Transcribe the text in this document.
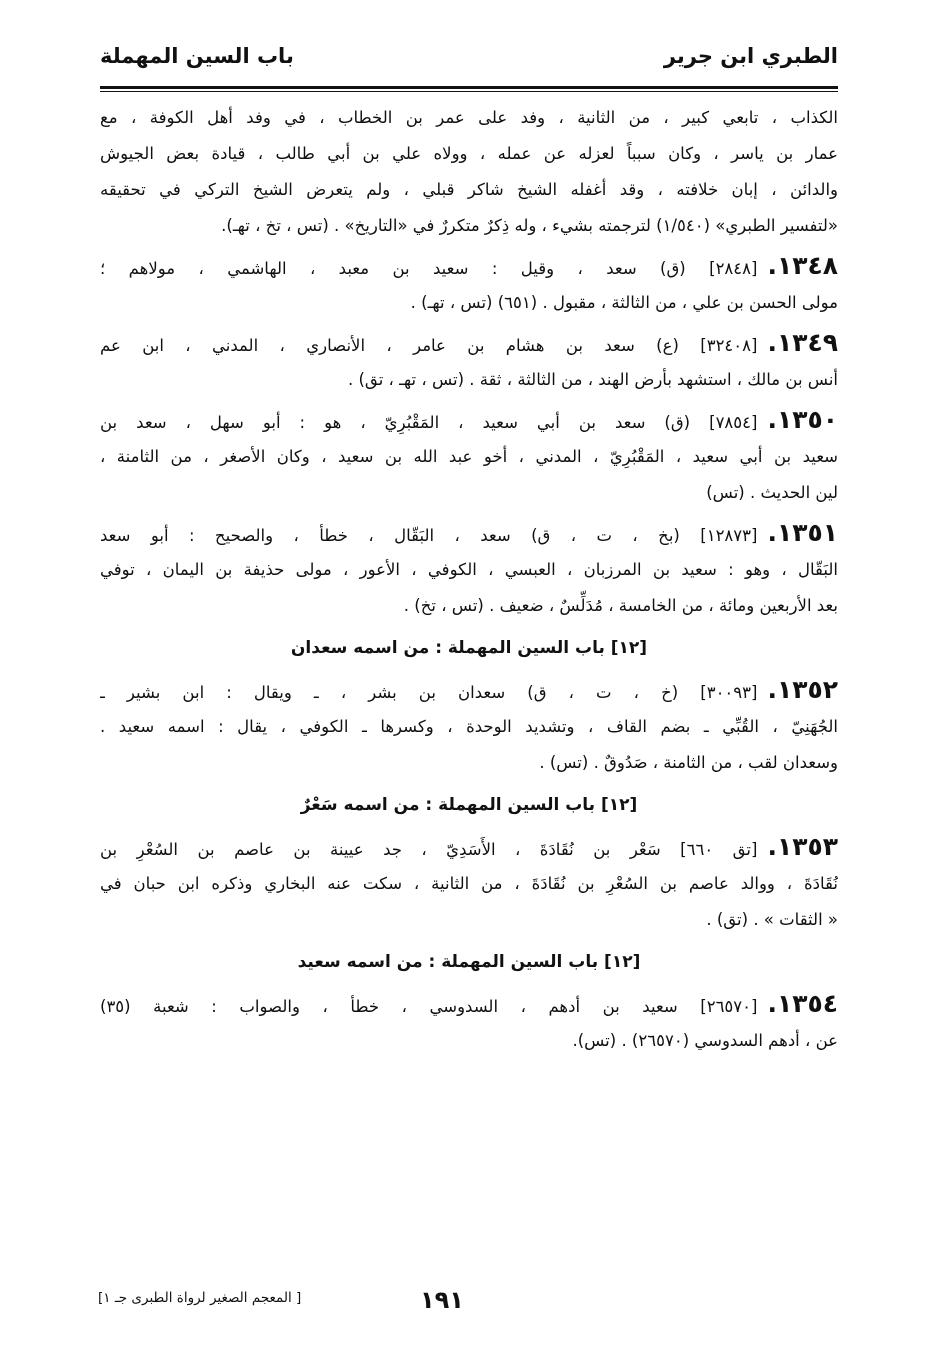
الطبري ابن جرير
باب السين المهملة
الكذاب ، تابعي كبير ، من الثانية ، وفد على عمر بن الخطاب ، في وفد أهل الكوفة ، مع
عمار بن ياسر ، وكان سبباً لعزله عن عمله ، وولاه علي بن أبي طالب ، قيادة بعض الجيوش
والدائن ، إبان خلافته ، وقد أغفله الشيخ شاكر قبلي ، ولم يتعرض الشيخ التركي في تحقيقه
«لتفسير الطبري» (١/٥٤٠) لترجمته بشيء ، وله ذِكرٌ متكررٌ في «التاريخ» . (تس ، تخ ، تهـ).
١٣٤٨.[٢٨٤٨] (ق) سعد ، وقيل : سعيد بن معبد ، الهاشمي ، مولاهم ؛
مولى الحسن بن علي ، من الثالثة ، مقبول . (٦٥١) (تس ، تهـ) .
١٣٤٩.[٣٢٤٠٨] (ع) سعد بن هشام بن عامر ، الأنصاري ، المدني ، ابن عم
أنس بن مالك ، استشهد بأرض الهند ، من الثالثة ، ثقة . (تس ، تهـ ، تق) .
١٣٥٠.[٧٨٥٤] (ق) سعد بن أبي سعيد ، المَقْبُرِيّ ، هو : أبو سهل ، سعد بن
سعيد بن أبي سعيد ، المَقْبُرِيّ ، المدني ، أخو عبد الله بن سعيد ، وكان الأصغر ، من الثامنة ،
لين الحديث . (تس)
١٣٥١.[١٢٨٧٣] (بخ ، ت ، ق) سعد ، البَقّال ، خطأ ، والصحيح : أبو سعد
البَقّال ، وهو : سعيد بن المرزبان ، العبسي ، الكوفي ، الأعور ، مولى حذيفة بن اليمان ، توفي
بعد الأربعين ومائة ، من الخامسة ، مُدَلِّسٌ ، ضعيف . (تس ، تخ) .
[١٢] باب السين المهملة : من اسمه سعدان
١٣٥٢.[٣٠٠٩٣] (خ ، ت ، ق) سعدان بن بشر ، ـ ويقال : ابن بشير ـ
الجُهَنِيّ ، القُبِّي ـ بضم القاف ، وتشديد الوحدة ، وكسرها ـ الكوفي ، يقال : اسمه سعيد .
وسعدان لقب ، من الثامنة ، صَدُوقٌ . (تس) .
[١٢] باب السين المهملة : من اسمه سَعْرٌ
١٣٥٣.[تق ٦٦٠] سَعْر بن نُقَادَةَ ، الأَسَدِيّ ، جد عيينة بن عاصم بن السُعْرِ بن
نُقَادَةَ ، ووالد عاصم بن السُعْرِ بن نُقَادَةَ ، من الثانية ، سكت عنه البخاري وذكره ابن حبان في
« الثقات » . (تق) .
[١٢] باب السين المهملة : من اسمه سعيد
١٣٥٤.[٢٦٥٧٠] سعيد بن أدهم ، السدوسي ، خطأ ، والصواب : شعبة (٣٥)
عن ، أدهم السدوسي (٢٦٥٧٠) . (تس).
[ المعجم الصغير لرواة الطبرى جـ ١]	١٩١
